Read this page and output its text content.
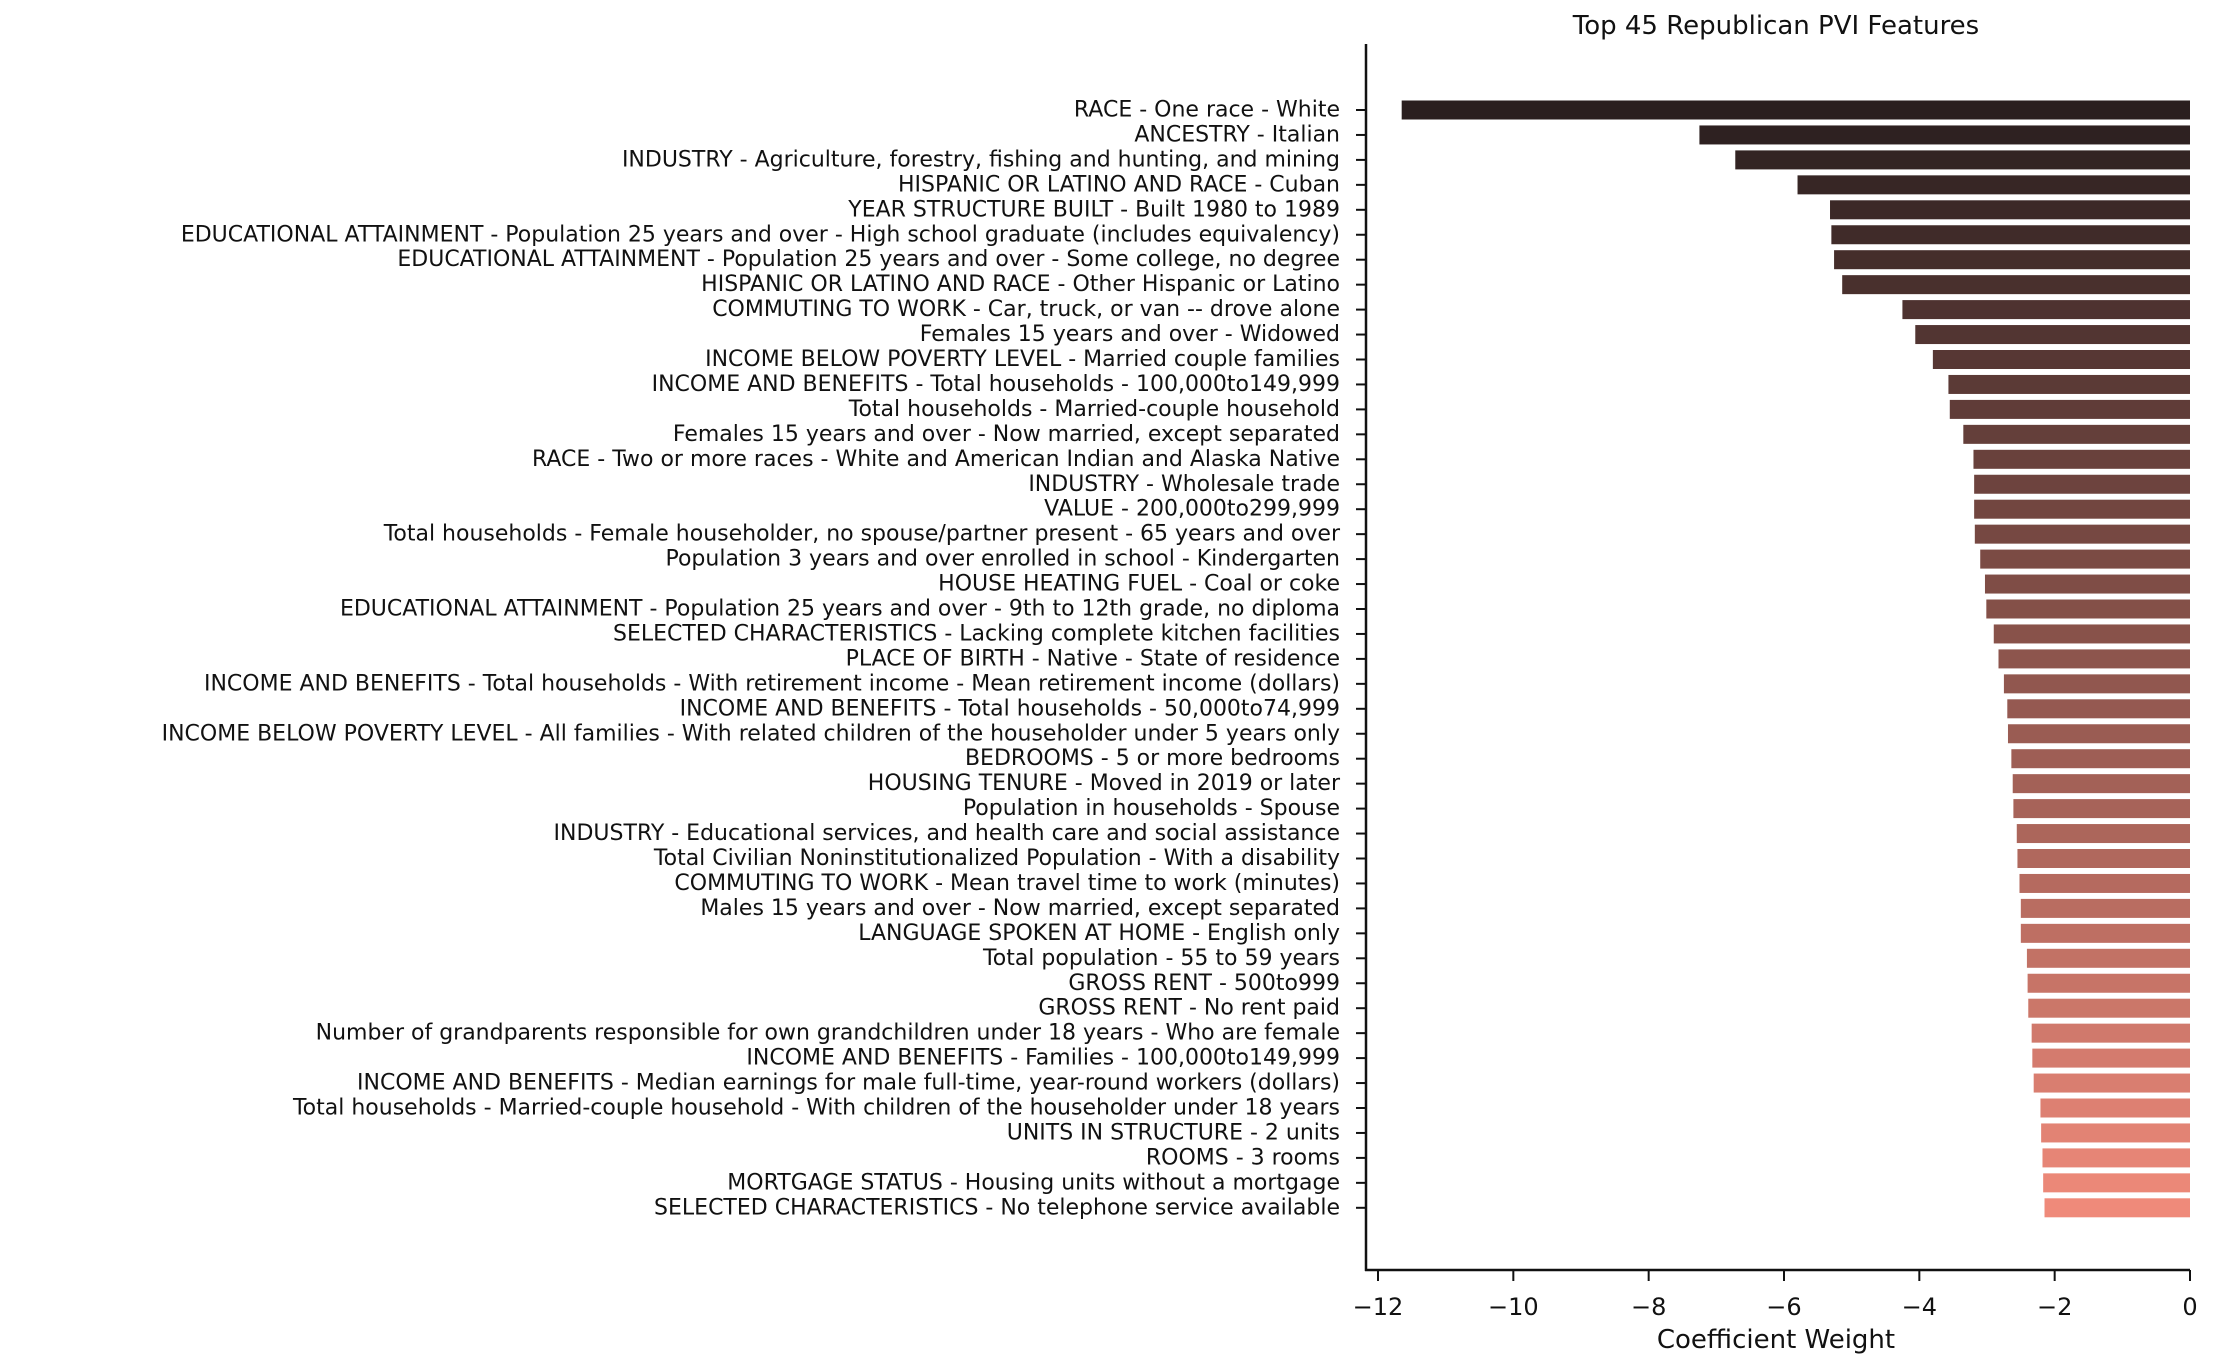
Top 45 Republican PVI Features
RACE - One race - White
ANCESTRY - Italian
INDUSTRY - Agriculture, forestry, fishing and hunting, and mining
HISPANIC OR LATINO AND RACE - Cuban
YEAR STRUCTURE BUILT - Built 1980 to 1989
EDUCATIONAL ATTAINMENT - Population 25 years and over - High school graduate (includes equivalency)
EDUCATIONAL ATTAINMENT - Population 25 years and over - Some college, no degree
HISPANIC OR LATINO AND RACE - Other Hispanic or Latino
COMMUTING TO WORK - Car, truck, or van -- drove alone
Females 15 years and over - Widowed
INCOME BELOW POVERTY LEVEL - Married couple families
INCOME AND BENEFITS - Total households - 100,000to149,999
Total households - Married-couple household
Females 15 years and over - Now married, except separated
RACE - Two or more races - White and American Indian and Alaska Native
INDUSTRY - Wholesale trade
VALUE - 200,000to299,999
Total households - Female householder, no spouse/partner present - 65 years and over
Population 3 years and over enrolled in school - Kindergarten
HOUSE HEATING FUEL - Coal or coke
EDUCATIONAL ATTAINMENT - Population 25 years and over - 9th to 12th grade, no diploma
SELECTED CHARACTERISTICS - Lacking complete kitchen facilities
PLACE OF BIRTH - Native - State of residence
INCOME AND BENEFITS - Total households - With retirement income - Mean retirement income (dollars)
INCOME AND BENEFITS - Total households - 50,000to74,999
INCOME BELOW POVERTY LEVEL - All families - With related children of the householder under 5 years only
BEDROOMS - 5 or more bedrooms
HOUSING TENURE - Moved in 2019 or later
Population in households - Spouse
INDUSTRY - Educational services, and health care and social assistance
Total Civilian Noninstitutionalized Population - With a disability
COMMUTING TO WORK - Mean travel time to work (minutes)
Males 15 years and over - Now married, except separated
LANGUAGE SPOKEN AT HOME - English only
Total population - 55 to 59 years
GROSS RENT - 500to999
GROSS RENT - No rent paid
Number of grandparents responsible for own grandchildren under 18 years - Who are female
INCOME AND BENEFITS - Families - 100,000to149,999
INCOME AND BENEFITS - Median earnings for male full-time, year-round workers (dollars)
Total households - Married-couple household - With children of the householder under 18 years
UNITS IN STRUCTURE - 2 units
ROOMS - 3 rooms
MORTGAGE STATUS - Housing units without a mortgage
SELECTED CHARACTERISTICS - No telephone service available
−12	−10	−8	−6	−4	−2	0
Coefficient Weight
